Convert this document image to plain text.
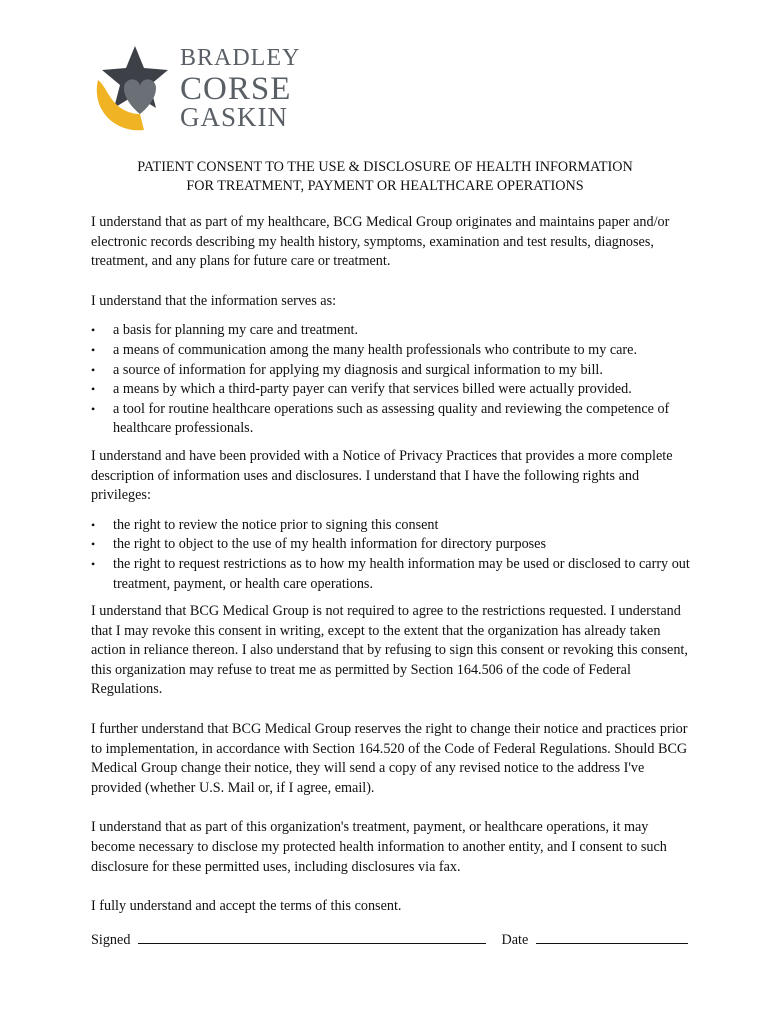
BRADLEY
CORSE
GASKIN
PATIENT CONSENT TO THE USE & DISCLOSURE OF HEALTH INFORMATION
FOR TREATMENT, PAYMENT OR HEALTHCARE OPERATIONS

I understand that as part of my healthcare, BCG Medical Group originates and maintains paper and/or electronic records describing my health history, symptoms, examination and test results, diagnoses, treatment, and any plans for future care or treatment.

I understand that the information serves as:

•	a basis for planning my care and treatment.
•	a means of communication among the many health professionals who contribute to my care.
•	a source of information for applying my diagnosis and surgical information to my bill.
•	a means by which a third-party payer can verify that services billed were actually provided.
•	a tool for routine healthcare operations such as assessing quality and reviewing the competence of healthcare professionals.

I understand and have been provided with a Notice of Privacy Practices that provides a more complete description of information uses and disclosures. I understand that I have the following rights and privileges:

•	the right to review the notice prior to signing this consent
•	the right to object to the use of my health information for directory purposes
•	the right to request restrictions as to how my health information may be used or disclosed to carry out treatment, payment, or health care operations.

I understand that BCG Medical Group is not required to agree to the restrictions requested. I understand that I may revoke this consent in writing, except to the extent that the organization has already taken action in reliance thereon. I also understand that by refusing to sign this consent or revoking this consent, this organization may refuse to treat me as permitted by Section 164.506 of the code of Federal Regulations.

I further understand that BCG Medical Group reserves the right to change their notice and practices prior to implementation, in accordance with Section 164.520 of the Code of Federal Regulations. Should BCG Medical Group change their notice, they will send a copy of any revised notice to the address I've provided (whether U.S. Mail or, if I agree, email).

I understand that as part of this organization's treatment, payment, or healthcare operations, it may become necessary to disclose my protected health information to another entity, and I consent to such disclosure for these permitted uses, including disclosures via fax.

I fully understand and accept the terms of this consent.

Signed	Date
